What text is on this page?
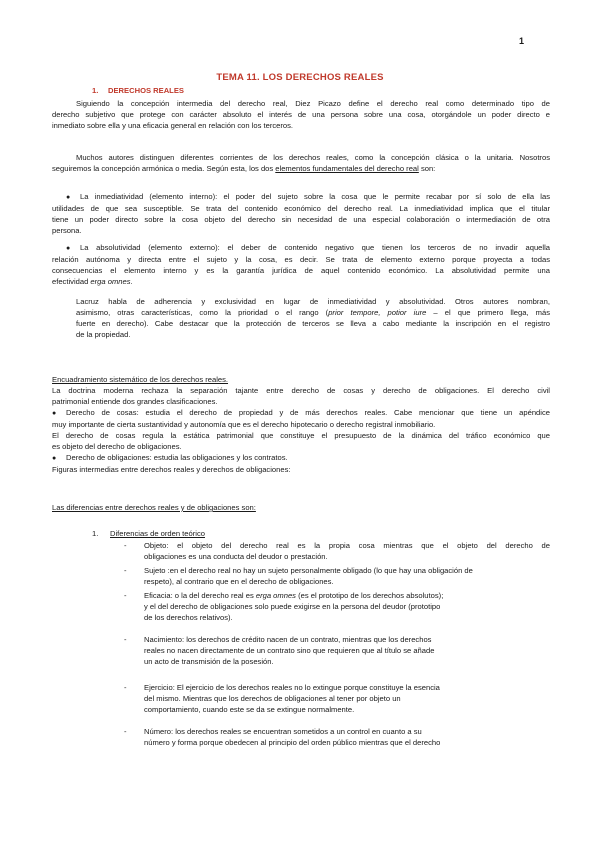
1
TEMA 11. LOS DERECHOS REALES
1. DERECHOS REALES

Siguiendo la concepción intermedia del derecho real, Diez Picazo define el derecho real como determinado tipo de

derecho subjetivo que protege con carácter absoluto el interés de una persona sobre una cosa, otorgándole un poder directo e

inmediato sobre ella y una eficacia general en relación con los terceros.

Muchos autores distinguen diferentes corrientes de los derechos reales, como la concepción clásica o la unitaria. Nosotros

seguiremos la concepción armónica o media. Según esta, los dos elementos fundamentales del derecho real son:

● La inmediatividad (elemento interno): el poder del sujeto sobre la cosa que le permite recabar por sí solo de ella las

utilidades de que sea susceptible. Se trata del contenido económico del derecho real. La inmediatividad implica que el titular

tiene un poder directo sobre la cosa objeto del derecho sin necesidad de una especial colaboración o intermediación de otra

persona.

● La absolutividad (elemento externo): el deber de contenido negativo que tienen los terceros de no invadir aquella

relación autónoma y directa entre el sujeto y la cosa, es decir. Se trata de elemento externo porque proyecta a todas

consecuencias el elemento interno y es la garantía jurídica de aquel contenido económico. La absolutividad permite una

efectividad erga omnes.

Lacruz habla de adherencia y exclusividad en lugar de inmediatividad y absolutividad. Otros autores nombran,

asimismo, otras características, como la prioridad o el rango (prior tempore, potior iure – el que primero llega, más

fuerte en derecho). Cabe destacar que la protección de terceros se lleva a cabo mediante la inscripción en el registro

de la propiedad.

Encuadramiento sistemático de los derechos reales.

La doctrina moderna rechaza la separación tajante entre derecho de cosas y derecho de obligaciones. El derecho civil

patrimonial entiende dos grandes clasificaciones.

● Derecho de cosas: estudia el derecho de propiedad y de más derechos reales. Cabe mencionar que tiene un apéndice

muy importante de cierta sustantividad y autonomía que es el derecho hipotecario o derecho registral inmobiliario.

El derecho de cosas regula la estática patrimonial que constituye el presupuesto de la dinámica del tráfico económico que

es objeto del derecho de obligaciones.

● Derecho de obligaciones: estudia las obligaciones y los contratos.

Figuras intermedias entre derechos reales y derechos de obligaciones:

Las diferencias entre derechos reales y de obligaciones son:

1. Diferencias de orden teórico
- Objeto: el objeto del derecho real es la propia cosa mientras que el objeto del derecho de

obligaciones es una conducta del deudor o prestación.

- Sujeto :en el derecho real no hay un sujeto personalmente obligado (lo que hay una obligación de

respeto), al contrario que en el derecho de obligaciones.

- Eficacia: o la del derecho real es erga omnes (es el prototipo de los derechos absolutos);

y el del derecho de obligaciones solo puede exigirse en la persona del deudor (prototipo

de los derechos relativos).

- Nacimiento: los derechos de crédito nacen de un contrato, mientras que los derechos

reales no nacen directamente de un contrato sino que requieren que al título se añade

un acto de transmisión de la posesión.

- Ejercicio: El ejercicio de los derechos reales no lo extingue porque constituye la esencia

del mismo. Mientras que los derechos de obligaciones al tener por objeto un

comportamiento, cuando este se da se extingue normalmente.

- Número: los derechos reales se encuentran sometidos a un control en cuanto a su

número y forma porque obedecen al principio del orden público mientras que el derecho
